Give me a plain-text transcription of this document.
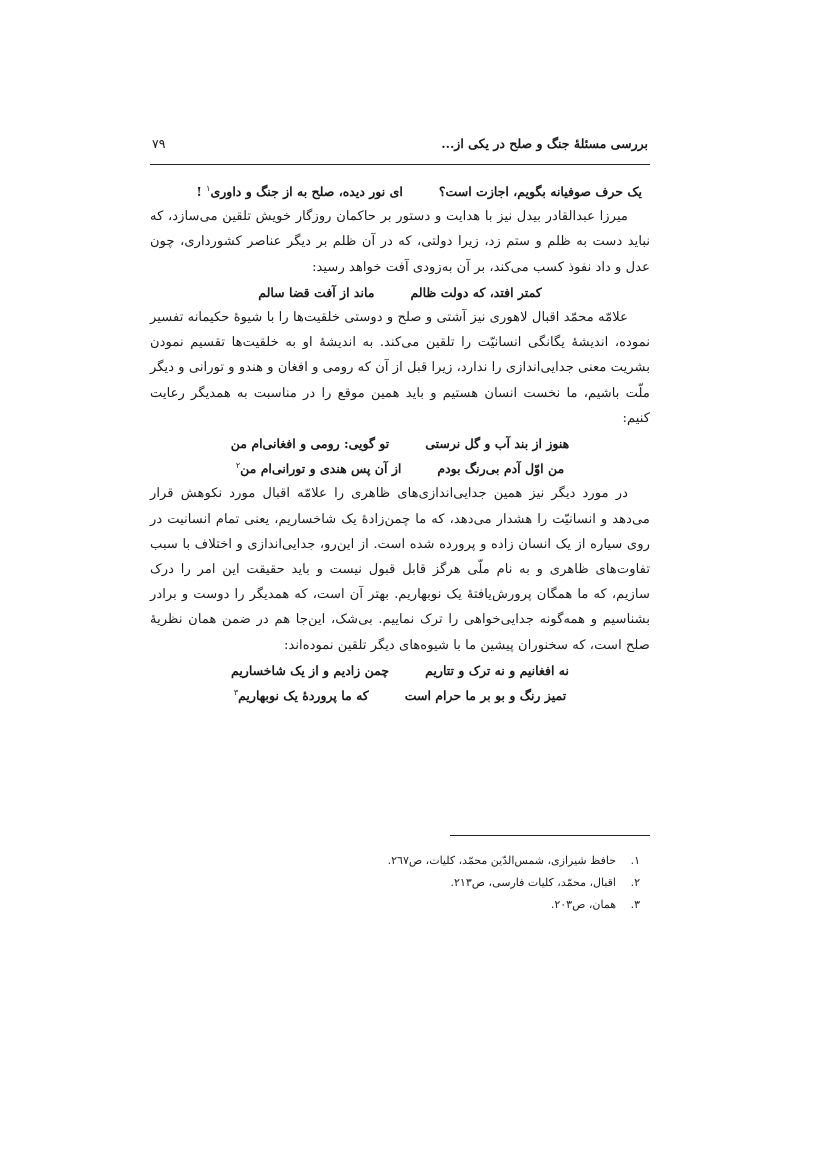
بررسی مسئلهٔ جنگ و صلح در یکی از...
۷۹
یک حرف صوفیانه بگویم، اجازت است؟
ای نور دیده، صلح به از جنگ و داوری$^۱$ !

میرزا عبدالقادر بیدل نیز با هدایت و دستور بر حاکمان روزگار خویش تلقین می‌سازد، که نباید دست به ظلم و ستم زد، زیرا دولتی، که در آن ظلم بر دیگر عناصر کشورداری، چون عدل و داد نفوذ کسب می‌کند، بر آن به‌زودی آفت خواهد رسید:

کمتر افتد، که دولت ظالم
ماند از آفت قضا سالم

علامّه محمّد اقبال لاهوری نیز آشتی و صلح و دوستی خلقیت‌ها را با شیوهٔ حکیمانه تفسیر نموده، اندیشهٔ یگانگی انسانیّت را تلقین می‌کند. به اندیشهٔ او به خلقیت‌ها تقسیم نمودن بشریت معنی جدایی‌اندازی را ندارد، زیرا قبل از آن که رومی و افغان و هندو و تورانی و دیگر ملّت باشیم، ما نخست انسان هستیم و باید همین موقع را در مناسبت به همدیگر رعایت کنیم:

هنوز از بند آب و گل نرستی
تو گویی: رومی و افغانی‌ام من
من اوّل آدم بی‌رنگ بودم
از آن پس هندی و تورانی‌ام من$^۲$

در مورد دیگر نیز همین جدایی‌اندازی‌های ظاهری را علامّه اقبال مورد نکوهش قرار می‌دهد و انسانیّت را هشدار می‌دهد، که ما چمن‌زادهٔ یک شاخساریم، یعنی تمام انسانیت در روی سیاره از یک انسان زاده و پرورده شده است. از این‌رو، جدایی‌اندازی و اختلاف با سبب تفاوت‌های ظاهری و به نام ملّی هرگز قابل قبول نیست و باید حقیقت این امر را درک سازیم، که ما همگان پرورش‌یافتهٔ یک نوبهاریم. بهتر آن است، که همدیگر را دوست و برادر بشناسیم و همه‌گونه جدایی‌خواهی را ترک نماییم. بی‌شک، این‌جا هم در ضمن همان نظریهٔ صلح است، که سخنوران پیشین ما با شیوه‌های دیگر تلقین نموده‌اند:

نه افغانیم و نه ترک و تتاریم
چمن زادیم و از یک شاخساریم
تمیز رنگ و بو بر ما حرام است
که ما پروردهٔ یک نوبهاریم$^۳$
۱.
حافظ شیرازی، شمس‌الدّین محمّد، کلیات، ص۲٦۷.
۲.
اقبال، محمّد، کلیات فارسی، ص۲۱۳.
۳.
همان، ص۲۰۳.
